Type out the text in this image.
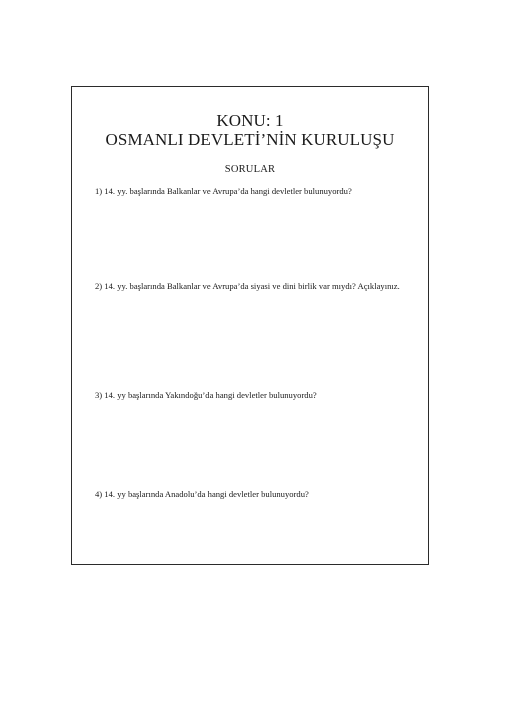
KONU: 1
OSMANLI DEVLETİ’NİN KURULUŞU
SORULAR
1) 14. yy. başlarında Balkanlar ve Avrupa’da hangi devletler bulunuyordu?
2) 14. yy. başlarında Balkanlar ve Avrupa’da siyasi ve dini birlik var mıydı? Açıklayınız.
3) 14. yy başlarında Yakındoğu’da hangi devletler bulunuyordu?
4) 14. yy başlarında Anadolu’da hangi devletler bulunuyordu?
